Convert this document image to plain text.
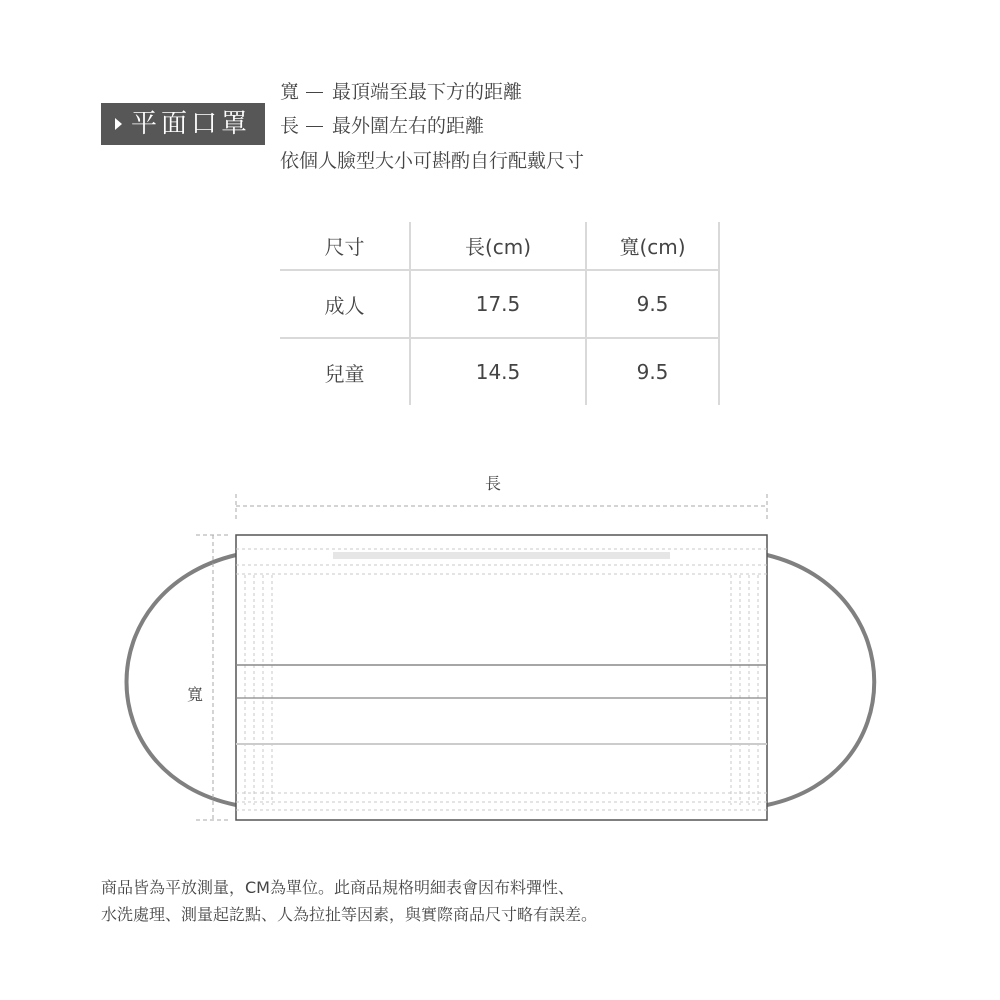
平面口罩
寬 最頂端至最下方的距離
長 最外圍左右的距離
依個人臉型大小可斟酌自行配戴尺寸
尺寸	長(cm)	寬(cm)
成人	17.5	9.5
兒童	14.5	9.5
長
寬
商品皆為平放測量，CM為單位。此商品規格明細表會因布料彈性、
水洗處理、測量起訖點、人為拉扯等因素，與實際商品尺寸略有誤差。
